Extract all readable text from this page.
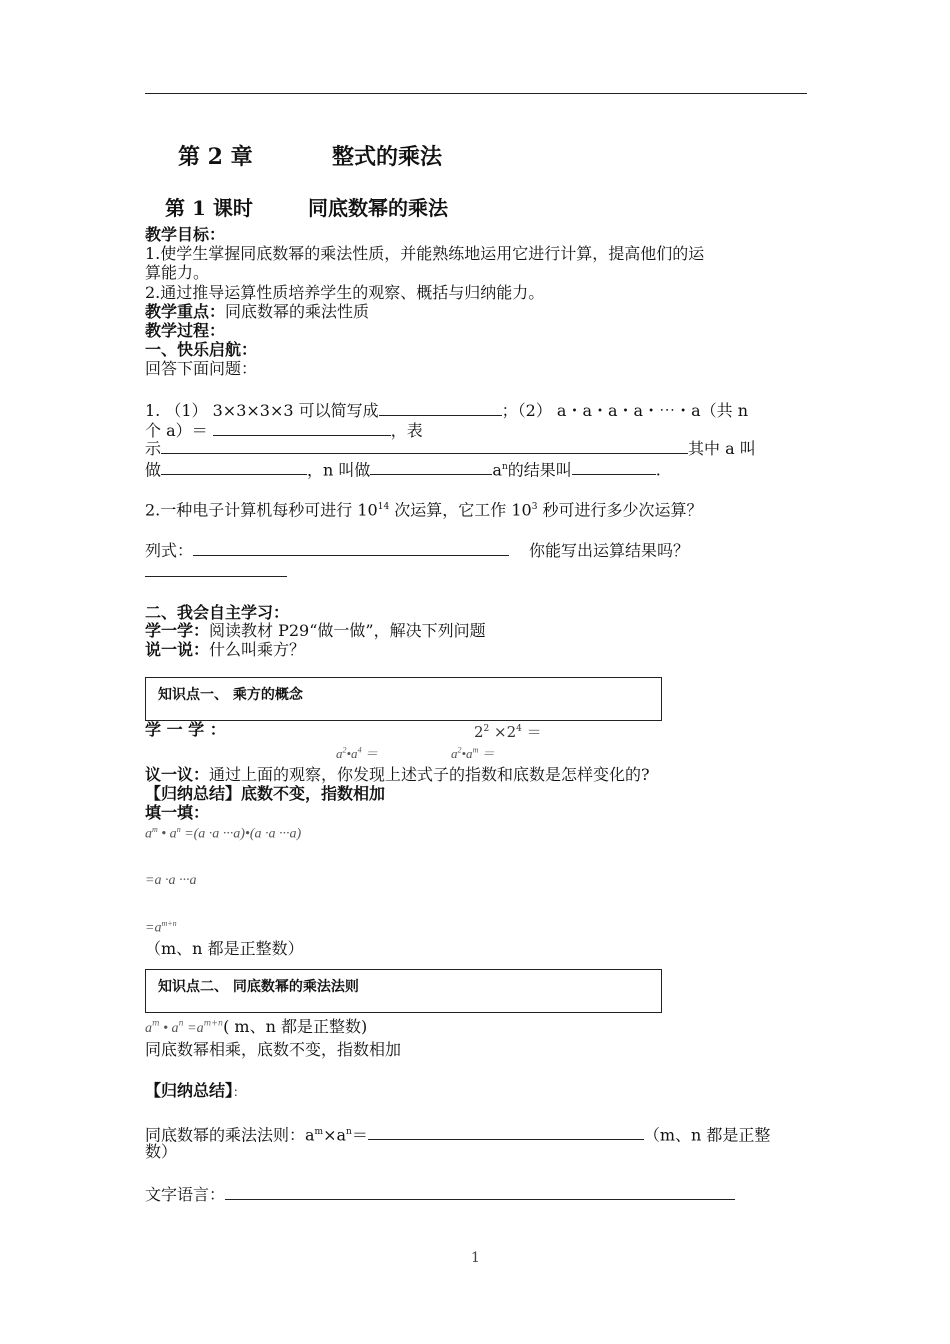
第 2 章	整式的乘法
第 1 课时	同底数幂的乘法
教学目标：
1.使学生掌握同底数幂的乘法性质，并能熟练地运用它进行计算，提高他们的运
算能力。
2.通过推导运算性质培养学生的观察、概括与归纳能力。
教学重点：同底数幂的乘法性质
教学过程：
一、快乐启航：
回答下面问题：
1. （1） 3×3×3×3 可以简写成	；（2） a・a・a・a・⋯・a（共 n
个 a）＝	，表
示	其中 a 叫
做	，n 叫做	$a^n$的结果叫	.
2.一种电子计算机每秒可进行 $10^{14}$ 次运算，它工作 $10^3$ 秒可进行多少次运算？
列式：	你能写出运算结果吗？
二、我会自主学习：
学一学：阅读教材 P29“做一做”，解决下列问题
说一说：什么叫乘方？
知识点一、 乘方的概念
学 一 学 ：	$2^2 \times 2^4$ ＝
$a^2•a^4$ ＝	$a^2•a^m$ ＝
议一议：通过上面的观察，你发现上述式子的指数和底数是怎样变化的?
【归纳总结】底数不变，指数相加
填一填：
$a^m$ • $a^n =(a \cdot a$ ···a)•(a ·a ···a)
=a ·a ···a
$=a^{m+n}$
（m、n 都是正整数）
知识点二、 同底数幂的乘法法则
$a^m$ • $a^n =a^{m+n}$( m、n 都是正整数)
同底数幂相乘，底数不变，指数相加
【归纳总结】：
同底数幂的乘法法则：$a^m\times a^n=$	（m、n 都是正整
数）
文字语言：
1
